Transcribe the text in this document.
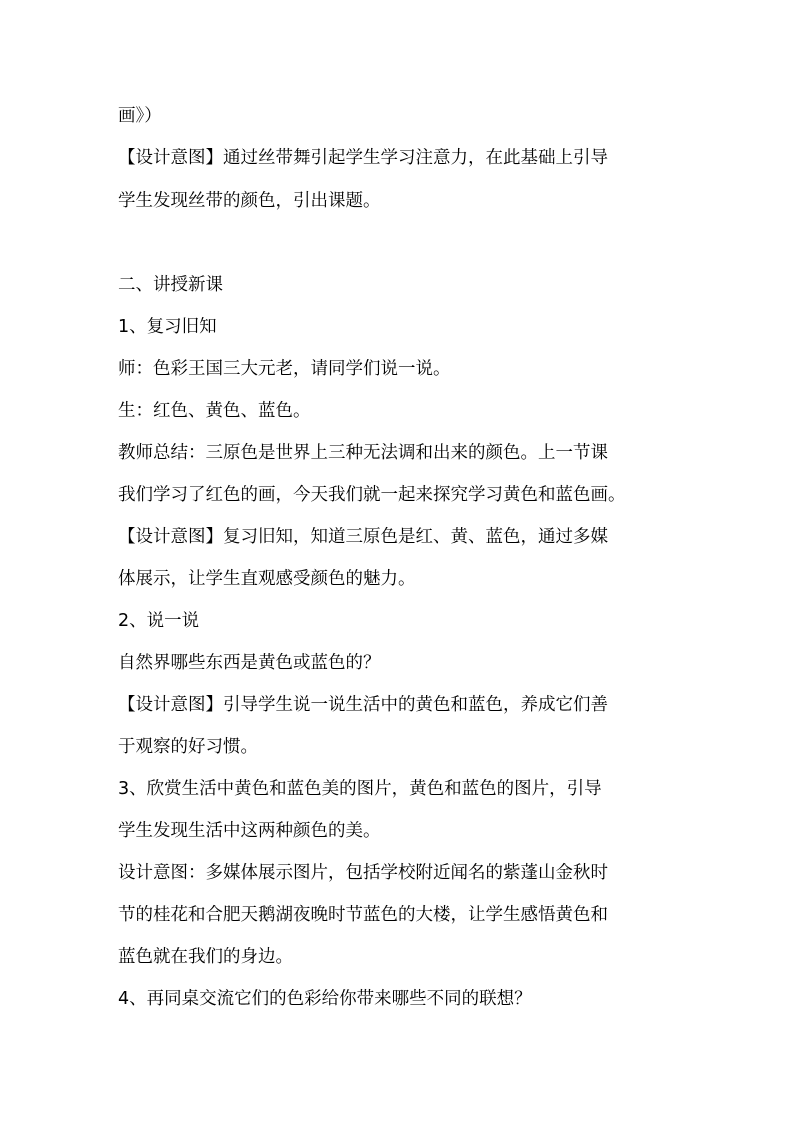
画》）
【设计意图】通过丝带舞引起学生学习注意力，在此基础上引导
学生发现丝带的颜色，引出课题。
二、讲授新课
1、复习旧知
师：色彩王国三大元老，请同学们说一说。
生：红色、黄色、蓝色。
教师总结：三原色是世界上三种无法调和出来的颜色。上一节课
我们学习了红色的画，今天我们就一起来探究学习黄色和蓝色画。
【设计意图】复习旧知，知道三原色是红、黄、蓝色，通过多媒
体展示，让学生直观感受颜色的魅力。
2、说一说
自然界哪些东西是黄色或蓝色的？
【设计意图】引导学生说一说生活中的黄色和蓝色，养成它们善
于观察的好习惯。
3、欣赏生活中黄色和蓝色美的图片，黄色和蓝色的图片，引导
学生发现生活中这两种颜色的美。
设计意图：多媒体展示图片，包括学校附近闻名的紫蓬山金秋时
节的桂花和合肥天鹅湖夜晚时节蓝色的大楼，让学生感悟黄色和
蓝色就在我们的身边。
4、再同桌交流它们的色彩给你带来哪些不同的联想？
